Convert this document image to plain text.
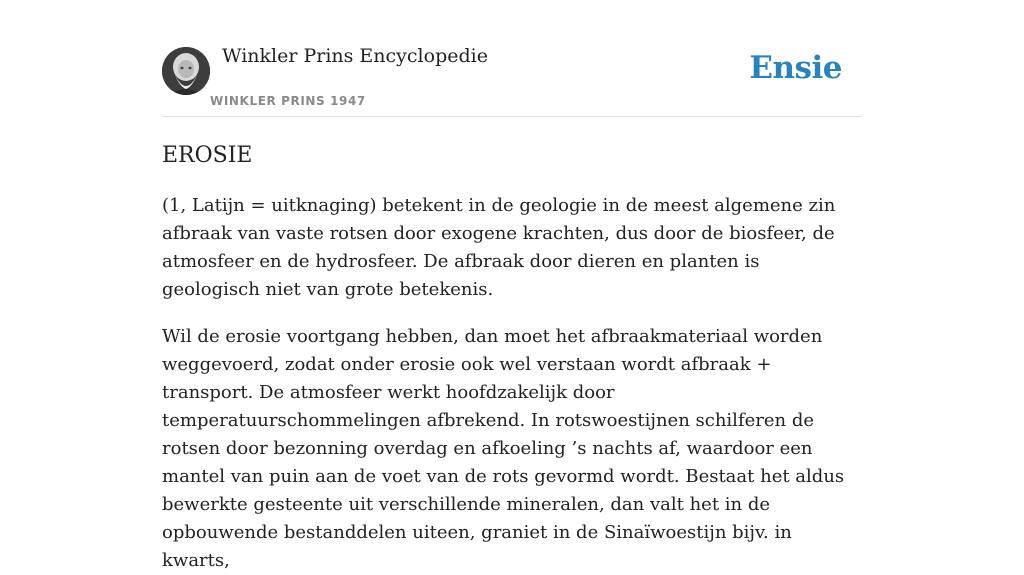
Winkler Prins Encyclopedie
WINKLER PRINS 1947
Ensie
EROSIE

(1, Latijn = uitknaging) betekent in de geologie in de meest algemene zin afbraak van vaste rotsen door exogene krachten, dus door de biosfeer, de atmosfeer en de hydrosfeer. De afbraak door dieren en planten is geologisch niet van grote betekenis.

Wil de erosie voortgang hebben, dan moet het afbraakmateriaal worden weggevoerd, zodat onder erosie ook wel verstaan wordt afbraak + transport. De atmosfeer werkt hoofdzakelijk door temperatuurschommelingen afbrekend. In rotswoestijnen schilferen de rotsen door bezonning overdag en afkoeling ’s nachts af, waardoor een mantel van puin aan de voet van de rots gevormd wordt. Bestaat het aldus bewerkte gesteente uit verschillende mineralen, dan valt het in de opbouwende bestanddelen uiteen, graniet in de Sinaïwoestijn bijv. in kwarts,
